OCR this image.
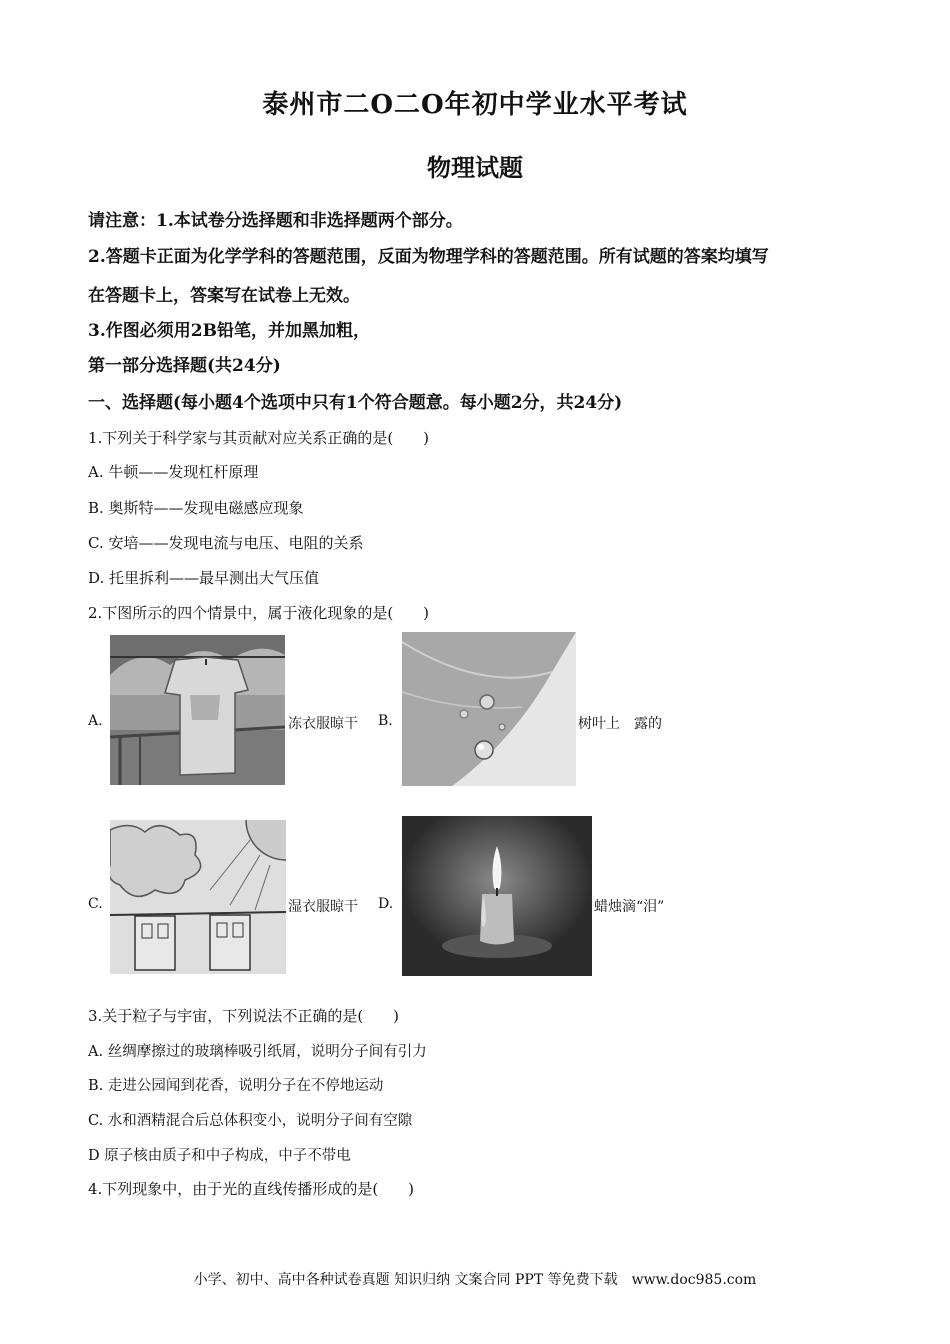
泰州市二O二O年初中学业水平考试
物理试题
请注意：1.本试卷分选择题和非选择题两个部分。
2.答题卡正面为化学学科的答题范围，反面为物理学科的答题范围。所有试题的答案均填写
在答题卡上，答案写在试卷上无效。
3.作图必须用2B铅笔，并加黑加粗，
第一部分选择题(共24分)
一、选择题(每小题4个选项中只有1个符合题意。每小题2分，共24分)
1.下列关于科学家与其贡献对应关系正确的是(　　)
A. 牛顿——发现杠杆原理
B. 奥斯特——发现电磁感应现象
C. 安培——发现电流与电压、电阻的关系
D. 托里拆利——最早测出大气压值
2.下图所示的四个情景中，属于液化现象的是(　　)
A.	冻衣服晾干 B.	树叶上　露的
C.	湿衣服晾干 D.	蜡烛滴“泪”
3.关于粒子与宇宙，下列说法不正确的是(　　)
A. 丝绸摩擦过的玻璃棒吸引纸屑，说明分子间有引力
B. 走进公园闻到花香，说明分子在不停地运动
C. 水和酒精混合后总体积变小，说明分子间有空隙
D 原子核由质子和中子构成，中子不带电
4.下列现象中，由于光的直线传播形成的是(　　)
小学、初中、高中各种试卷真题 知识归纳 文案合同 PPT 等免费下载　www.doc985.com
